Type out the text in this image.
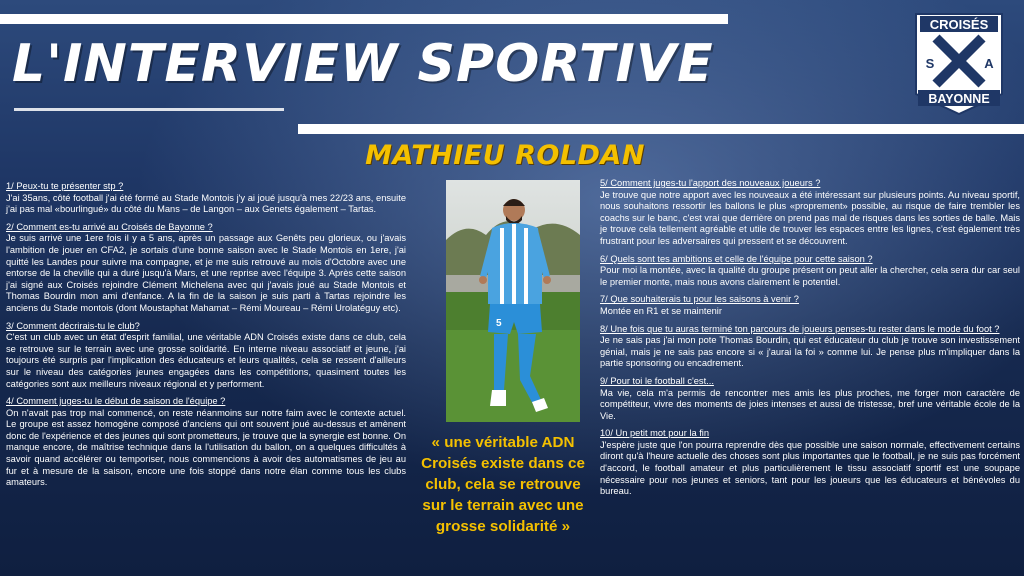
L'INTERVIEW SPORTIVE
CROISÉS
S	A
BAYONNE
MATHIEU ROLDAN
1/ Peux-tu te présenter stp ?
J'ai 35ans, côté football j'ai été formé au Stade Montois j'y ai joué jusqu'à mes 22/23 ans, ensuite j'ai pas mal «bourlingué» du côté du Mans – de Langon – aux Genets également – Tartas.
2/ Comment es-tu arrivé au Croisés de Bayonne ?
Je suis arrivé une 1ere fois il y a 5 ans, après un passage aux Genêts peu glorieux, ou j'avais l'ambition de jouer en CFA2, je sortais d'une bonne saison avec le Stade Montois en 1ere, j'ai quitté les Landes pour suivre ma compagne, et je me suis retrouvé au mois d'Octobre avec une entorse de la cheville qui a duré jusqu'à Mars, et une reprise avec l'équipe 3. Après cette saison j'ai signé aux Croisés rejoindre Clément Michelena avec qui j'avais joué au Stade Montois et Thomas Bourdin mon ami d'enfance. A la fin de la saison je suis parti à Tartas rejoindre les anciens du Stade montois (dont Moustaphat Mahamat – Rémi Moureau – Rémi Urolatéguy etc).
3/ Comment décrirais-tu le club?
C'est un club avec un état d'esprit familial, une véritable ADN Croisés existe dans ce club, cela se retrouve sur le terrain avec une grosse solidarité. En interne niveau associatif et jeune, j'ai toujours été surpris par l'implication des éducateurs et leurs qualités, cela se ressent d'ailleurs sur le niveau des catégories jeunes engagées dans les compétitions, quasiment toutes les catégories sont aux meilleurs niveaux régional et y performent.
4/ Comment juges-tu le début de saison de l'équipe ?
On n'avait pas trop mal commencé, on reste néanmoins sur notre faim avec le contexte actuel. Le groupe est assez homogène composé d'anciens qui ont souvent joué au-dessus et amènent donc de l'expérience et des jeunes qui sont prometteurs, je trouve que la synergie est bonne. On manque encore, de maîtrise technique dans la l'utilisation du ballon, on a quelques difficultés à savoir quand accélérer ou temporiser, nous commencions à avoir des automatismes de jeu au fur et à mesure de la saison, encore une fois stoppé dans notre élan comme tous les clubs amateurs.
5
« une véritable ADN Croisés existe dans ce club, cela se retrouve sur le terrain avec une grosse solidarité »
5/ Comment juges-tu l'apport des nouveaux joueurs ?
Je trouve que notre apport avec les nouveaux a été intéressant sur plusieurs points. Au niveau sportif, nous souhaitons ressortir les ballons le plus «proprement» possible, au risque de faire trembler les coachs sur le banc, c'est vrai que derrière on prend pas mal de risques dans les sorties de balle. Mais je trouve cela tellement agréable et utile de trouver les espaces entre les lignes, c'est également très frustrant pour les adversaires qui pressent et se découvrent.
6/ Quels sont tes ambitions et celle de l'équipe pour cette saison ?
Pour moi la montée, avec la qualité du groupe présent on peut aller la chercher, cela sera dur car seul le premier monte, mais nous avons clairement le potentiel.
7/ Que souhaiterais tu pour les saisons à venir ?
Montée en R1 et se maintenir
8/ Une fois que tu auras terminé ton parcours de joueurs penses-tu rester dans le mode du foot ?
Je ne sais pas j'ai mon pote Thomas Bourdin, qui est éducateur du club je trouve son investissement génial, mais je ne sais pas encore si « j'aurai la foi » comme lui. Je pense plus m'impliquer dans la partie sponsoring ou encadrement.
9/ Pour toi le football c'est...
Ma vie, cela m'a permis de rencontrer mes amis les plus proches, me forger mon caractère de compétiteur, vivre des moments de joies intenses et aussi de tristesse, bref une véritable école de la Vie.
10/ Un petit mot pour la fin
J'espère juste que l'on pourra reprendre dès que possible une saison normale, effectivement certains diront qu'à l'heure actuelle des choses sont plus importantes que le football, je ne suis pas forcément d'accord, le football amateur et plus particulièrement le tissu associatif sportif est une soupape nécessaire pour nos jeunes et seniors, tant pour les joueurs que les éducateurs et bénévoles du bureau.
